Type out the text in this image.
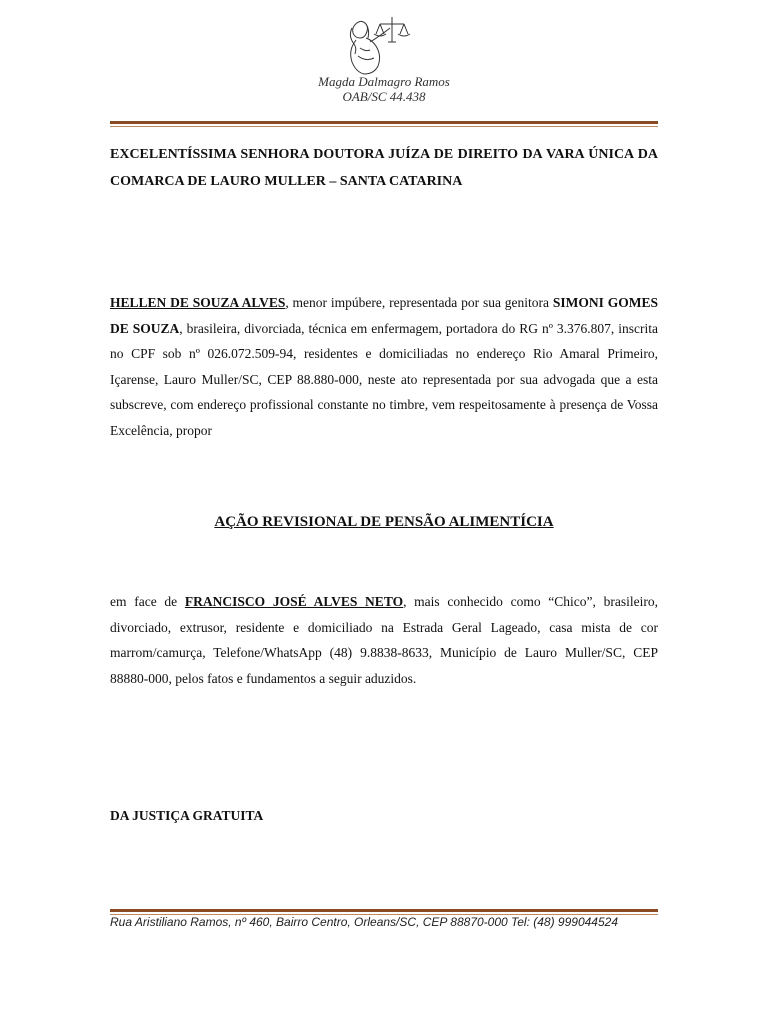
Magda Dalmagro Ramos
OAB/SC 44.438
EXCELENTÍSSIMA SENHORA DOUTORA JUÍZA DE DIREITO DA VARA ÚNICA DA COMARCA DE LAURO MULLER – SANTA CATARINA
HELLEN DE SOUZA ALVES, menor impúbere, representada por sua genitora SIMONI GOMES DE SOUZA, brasileira, divorciada, técnica em enfermagem, portadora do RG nº 3.376.807, inscrita no CPF sob nº 026.072.509-94, residentes e domiciliadas no endereço Rio Amaral Primeiro, Içarense, Lauro Muller/SC, CEP 88.880-000, neste ato representada por sua advogada que a esta subscreve, com endereço profissional constante no timbre, vem respeitosamente à presença de Vossa Excelência, propor
AÇÃO REVISIONAL DE PENSÃO ALIMENTÍCIA
em face de FRANCISCO JOSÉ ALVES NETO, mais conhecido como “Chico”, brasileiro, divorciado, extrusor, residente e domiciliado na Estrada Geral Lageado, casa mista de cor marrom/camurça, Telefone/WhatsApp (48) 9.8838-8633, Município de Lauro Muller/SC, CEP 88880-000, pelos fatos e fundamentos a seguir aduzidos.
DA JUSTIÇA GRATUITA
Rua Aristiliano Ramos, nº 460, Bairro Centro, Orleans/SC, CEP 88870-000 Tel: (48) 999044524
